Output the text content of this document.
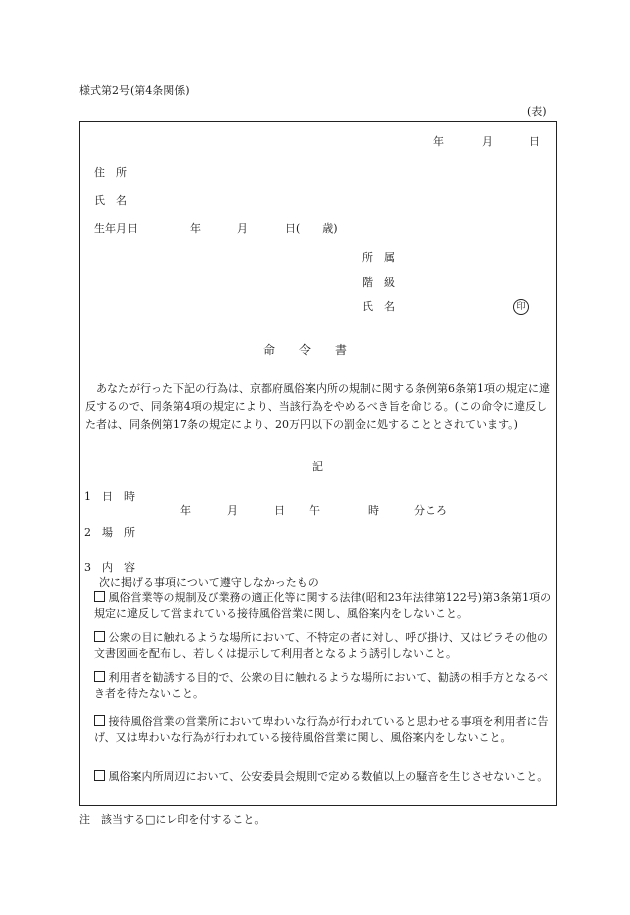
様式第2号(第4条関係)
(表)
年	月	日
住　所
氏　名
生年月日	年	月	日(　　歳)
所　属
階　級
氏　名	印
命　　令　　書
　あなたが行った下記の行為は、京都府風俗案内所の規制に関する条例第6条第1項の規定に違反するので、同条第4項の規定により、当該行為をやめるべき旨を命じる。(この命令に違反した者は、同条例第17条の規定により、20万円以下の罰金に処することとされています。)
記
1　日　時
年	月	日 午	時	分ころ
2　場　所
3　内　容
次に掲げる事項について遵守しなかったもの
風俗営業等の規制及び業務の適正化等に関する法律(昭和23年法律第122号)第3条第1項の規定に違反して営まれている接待風俗営業に関し、風俗案内をしないこと。
公衆の目に触れるような場所において、不特定の者に対し、呼び掛け、又はビラその他の文書図画を配布し、若しくは提示して利用者となるよう誘引しないこと。
利用者を勧誘する目的で、公衆の目に触れるような場所において、勧誘の相手方となるべき者を待たないこと。
接待風俗営業の営業所において卑わいな行為が行われていると思わせる事項を利用者に告げ、又は卑わいな行為が行われている接待風俗営業に関し、風俗案内をしないこと。
風俗案内所周辺において、公安委員会規則で定める数値以上の騒音を生じさせないこと。
注　該当する□にレ印を付すること。
